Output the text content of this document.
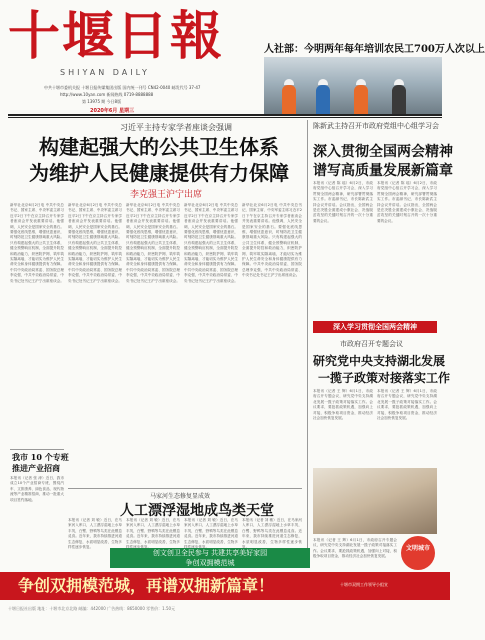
十堰日報
SHIYAN DAILY
中共十堰市委机关报 十堰日报传媒集团出版 国内统一刊号 CN42-0040 邮发代号 37-47
http://www.10yan.com 新闻热线 0719-8888888
第 13975 期 今日8版
2020年6月 星期三
人社部：今明两年每年培训农民工700万人次以上
习近平主持专家学者座谈会强调
构建起强大的公共卫生体系
为维护人民健康提供有力保障
李克强王沪宁出席
新华社北京6月2日电 中共中央总书记、国家主席、中央军委主席习近平2日下午在京主持召开专家学者座谈会并发表重要讲话。他强调，人民安全是国家安全的基石。要强化底线思维，增强忧患意识，时刻防范卫生健康领域重大风险。只有构建起强大的公共卫生体系，健全预警响应机制，全面提升防控和救治能力，织密防护网、筑牢筑实隔离墙，才能切实为维护人民生命安全和身体健康提供有力保障。中共中央政治局常委、国务院总理李克强，中共中央政治局常委、中央书记处书记王沪宁出席座谈会。
新华社北京6月2日电 中共中央总书记、国家主席、中央军委主席习近平2日下午在京主持召开专家学者座谈会并发表重要讲话。他强调，人民安全是国家安全的基石。要强化底线思维，增强忧患意识，时刻防范卫生健康领域重大风险。只有构建起强大的公共卫生体系，健全预警响应机制，全面提升防控和救治能力，织密防护网、筑牢筑实隔离墙，才能切实为维护人民生命安全和身体健康提供有力保障。中共中央政治局常委、国务院总理李克强，中共中央政治局常委、中央书记处书记王沪宁出席座谈会。
新华社北京6月2日电 中共中央总书记、国家主席、中央军委主席习近平2日下午在京主持召开专家学者座谈会并发表重要讲话。他强调，人民安全是国家安全的基石。要强化底线思维，增强忧患意识，时刻防范卫生健康领域重大风险。只有构建起强大的公共卫生体系，健全预警响应机制，全面提升防控和救治能力，织密防护网、筑牢筑实隔离墙，才能切实为维护人民生命安全和身体健康提供有力保障。中共中央政治局常委、国务院总理李克强，中共中央政治局常委、中央书记处书记王沪宁出席座谈会。
新华社北京6月2日电 中共中央总书记、国家主席、中央军委主席习近平2日下午在京主持召开专家学者座谈会并发表重要讲话。他强调，人民安全是国家安全的基石。要强化底线思维，增强忧患意识，时刻防范卫生健康领域重大风险。只有构建起强大的公共卫生体系，健全预警响应机制，全面提升防控和救治能力，织密防护网、筑牢筑实隔离墙，才能切实为维护人民生命安全和身体健康提供有力保障。中共中央政治局常委、国务院总理李克强，中共中央政治局常委、中央书记处书记王沪宁出席座谈会。
新华社北京6月2日电 中共中央总书记、国家主席、中央军委主席习近平2日下午在京主持召开专家学者座谈会并发表重要讲话。他强调，人民安全是国家安全的基石。要强化底线思维，增强忧患意识，时刻防范卫生健康领域重大风险。只有构建起强大的公共卫生体系，健全预警响应机制，全面提升防控和救治能力，织密防护网、筑牢筑实隔离墙，才能切实为维护人民生命安全和身体健康提供有力保障。中共中央政治局常委、国务院总理李克强，中共中央政治局常委、中央书记处书记王沪宁出席座谈会。
陈新武主持召开市政府党组中心组学习会
深入贯彻全国两会精神
谱写高质量发展新篇章
本报讯（记者 陈 瑶）6月2日，市政府党组中心组召开学习会，深入学习贯彻全国两会精神，研究部署贯彻落实工作。市委副书记、市长陈新武主持会议并讲话。会议指出，全国两会是在决胜全面建成小康社会、决战脱贫攻坚的关键时刻召开的一次十分重要的会议。
本报讯（记者 陈 瑶）6月2日，市政府党组中心组召开学习会，深入学习贯彻全国两会精神，研究部署贯彻落实工作。市委副书记、市长陈新武主持会议并讲话。会议指出，全国两会是在决胜全面建成小康社会、决战脱贫攻坚的关键时刻召开的一次十分重要的会议。
深入学习贯彻全国两会精神
市政府召开专题会议
研究党中央支持湖北发展
一揽子政策对接落实工作
本报讯（记者 王 辉）6月1日，市政府召开专题会议，研究党中央支持湖北发展一揽子政策对接落实工作。会议要求，要抢抓政策机遇，加强向上对接，积极争取项目资金，推动经济社会加快恢复发展。
本报讯（记者 王 辉）6月1日，市政府召开专题会议，研究党中央支持湖北发展一揽子政策对接落实工作。会议要求，要抢抓政策机遇，加强向上对接，积极争取项目资金，推动经济社会加快恢复发展。
本报讯（记者 王 辉）6月1日，市政府召开专题会议，研究党中央支持湖北发展一揽子政策对接落实工作。会议要求，要抢抓政策机遇，加强向上对接，积极争取项目资金，推动经济社会加快恢复发展。
文明城市
我市 10 个专班
推进产业招商
本报讯（记者 张 涛）近日，我市成立10个产业招商专班，围绕汽车、文旅康养、绿色食品、现代物流等产业精准招商，推动一批重大项目签约落地。	马家河生态修复显成效
人工漂浮湿地成鸟类天堂
本报讯（记者 刘 敏）近日，在马家河入库口，人工漂浮湿地上水草丰茂，白鹭、野鸭等鸟类在此栖息觅食。近年来，我市持续推进河道生态修复，水质明显改善，生物多样性逐步恢复。
本报讯（记者 刘 敏）近日，在马家河入库口，人工漂浮湿地上水草丰茂，白鹭、野鸭等鸟类在此栖息觅食。近年来，我市持续推进河道生态修复，水质明显改善，生物多
本报讯（记者 刘 敏）近日，在马家河入库口，人工漂浮湿地上水草丰茂，白鹭、野鸭等鸟类在此栖息觅食。近年来，我市持续推进河道生态修复，水质明显改善，生物多
本报讯（记者 刘 敏）近日，在马家河入库口，人工漂浮湿地上水草丰茂，白鹭、野鸭等鸟类在此栖息觅食。近年来，我市持续推进河道生态修复，水质明显改善，生物多样性逐步恢
创文创卫全民参与 共建共享美好家园
争创双拥模范城
争创双拥模范城，再谱双拥新篇章！	十堰市双拥工作领导小组宣
十堰日报社出版 地址：十堰市北京北路 邮编：442000 广告热线：8650000 零售价：1.50元
